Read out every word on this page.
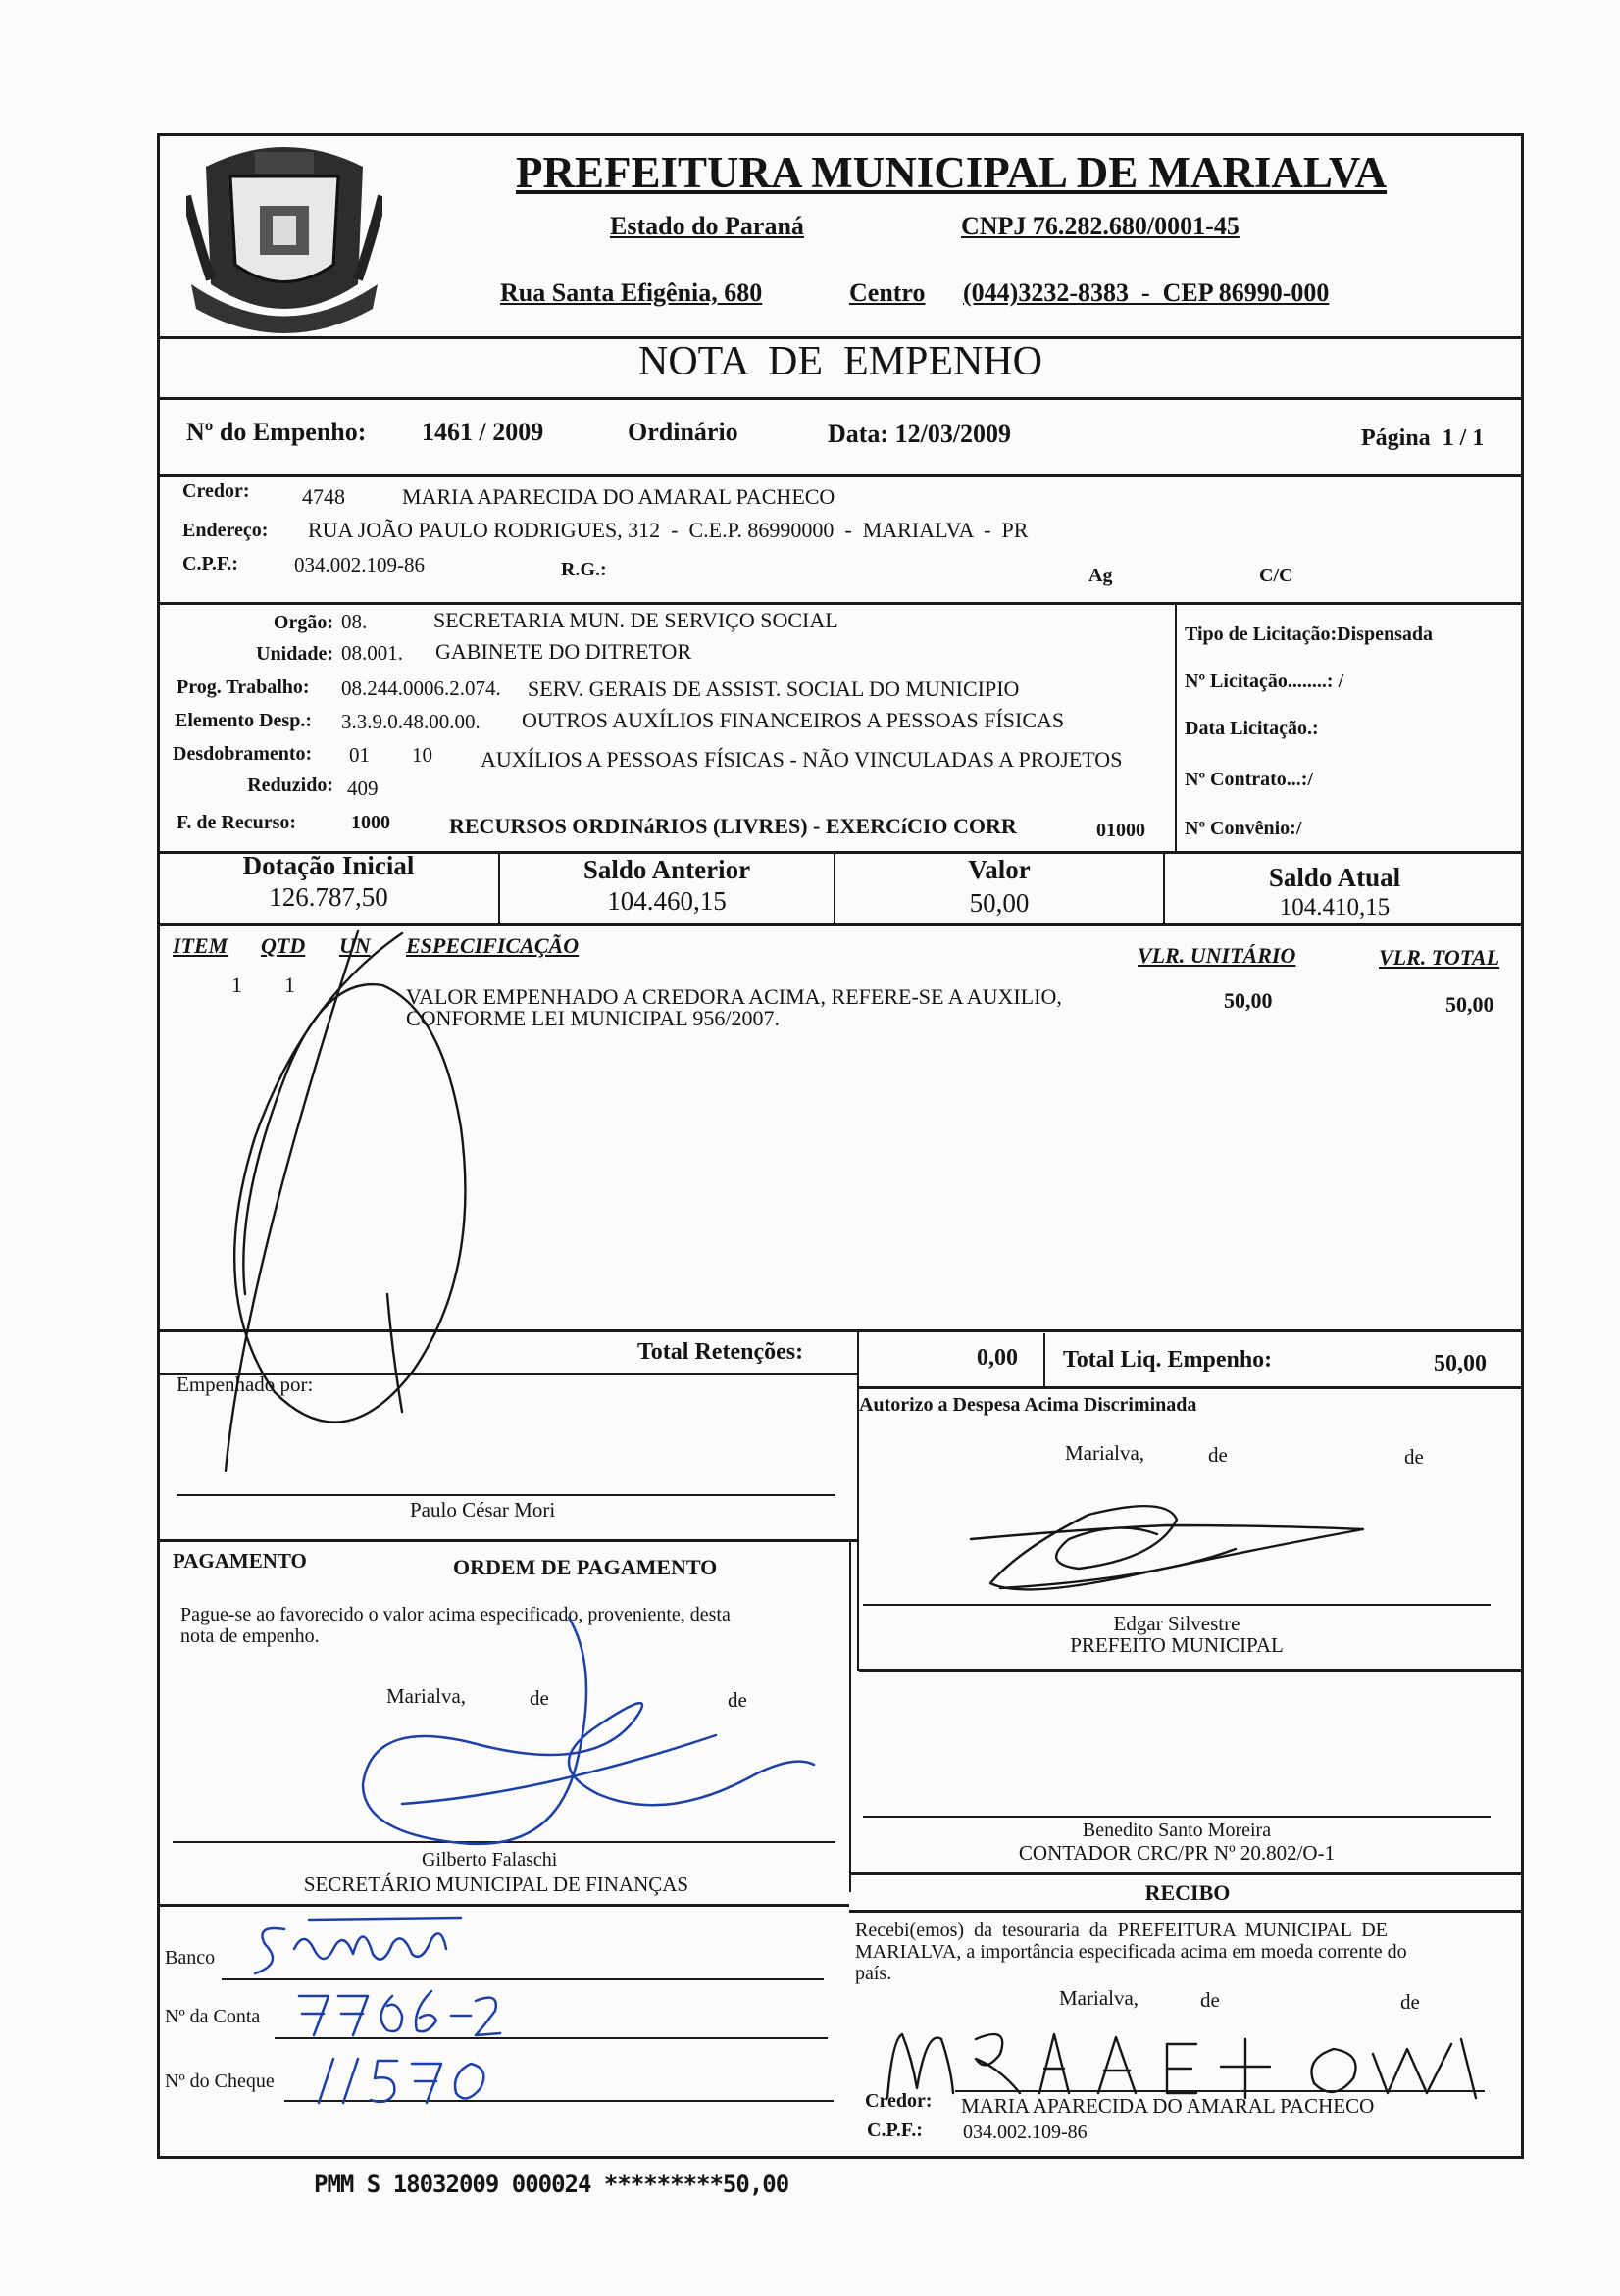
PREFEITURA MUNICIPAL DE MARIALVA
Estado do Paraná	CNPJ 76.282.680/0001-45
Rua Santa Efigênia, 680	Centro (044)3232-8383  -  CEP 86990-000
NOTA  DE  EMPENHO
Nº do Empenho: 1461 / 2009	Ordinário	Data: 12/03/2009	Página  1 / 1
Credor: 4748	MARIA APARECIDA DO AMARAL PACHECO
Endereço: RUA JOÃO PAULO RODRIGUES, 312  -  C.E.P. 86990000  -  MARIALVA  -  PR
C.P.F.:	034.002.109-86	R.G.:	Ag	C/C
Orgão: 08.	SECRETARIA MUN. DE SERVIÇO SOCIAL
Unidade: 08.001. GABINETE DO DITRETOR
Prog. Trabalho: 08.244.0006.2.074. SERV. GERAIS DE ASSIST. SOCIAL DO MUNICIPIO
Elemento Desp.: 3.3.9.0.48.00.00. OUTROS AUXÍLIOS FINANCEIROS A PESSOAS FÍSICAS
Desdobramento: 01 10 AUXÍLIOS A PESSOAS FÍSICAS - NÃO VINCULADAS A PROJETOS
Reduzido: 409
F. de Recurso:	1000	RECURSOS ORDINáRIOS (LIVRES) - EXERCíCIO CORR	01000
Tipo de Licitação:Dispensada
Nº Licitação........: /
Data Licitação.:
Nº Contrato...:/
Nº Convênio:/
Dotação Inicial
126.787,50
Saldo Anterior
104.460,15
Valor
50,00
Saldo Atual
104.410,15
ITEM QTD UN ESPECIFICAÇÃO	VLR. UNITÁRIO	VLR. TOTAL
1 1	VALOR EMPENHADO A CREDORA ACIMA, REFERE-SE A AUXILIO,
CONFORME LEI MUNICIPAL 956/2007.
50,00	50,00
Total Retenções:	0,00 Total Liq. Empenho:	50,00
Empenhado por:
Paulo César Mori
Autorizo a Despesa Acima Discriminada
Marialva,	de	de
Edgar Silvestre
PREFEITO MUNICIPAL
PAGAMENTO	ORDEM DE PAGAMENTO
Pague-se ao favorecido o valor acima especificado, proveniente, desta
nota de empenho.
Marialva,	de	de
Gilberto Falaschi
SECRETÁRIO MUNICIPAL DE FINANÇAS
Benedito Santo Moreira
CONTADOR CRC/PR Nº 20.802/O-1
Banco
Nº da Conta
Nº do Cheque
RECIBO
Recebi(emos)  da  tesouraria  da  PREFEITURA  MUNICIPAL  DE
MARIALVA, a importância especificada acima em moeda corrente do
país.
Marialva,	de	de
Credor: MARIA APARECIDA DO AMARAL PACHECO
C.P.F.: 034.002.109-86
PMM S 18032009 000024 *********50,00
